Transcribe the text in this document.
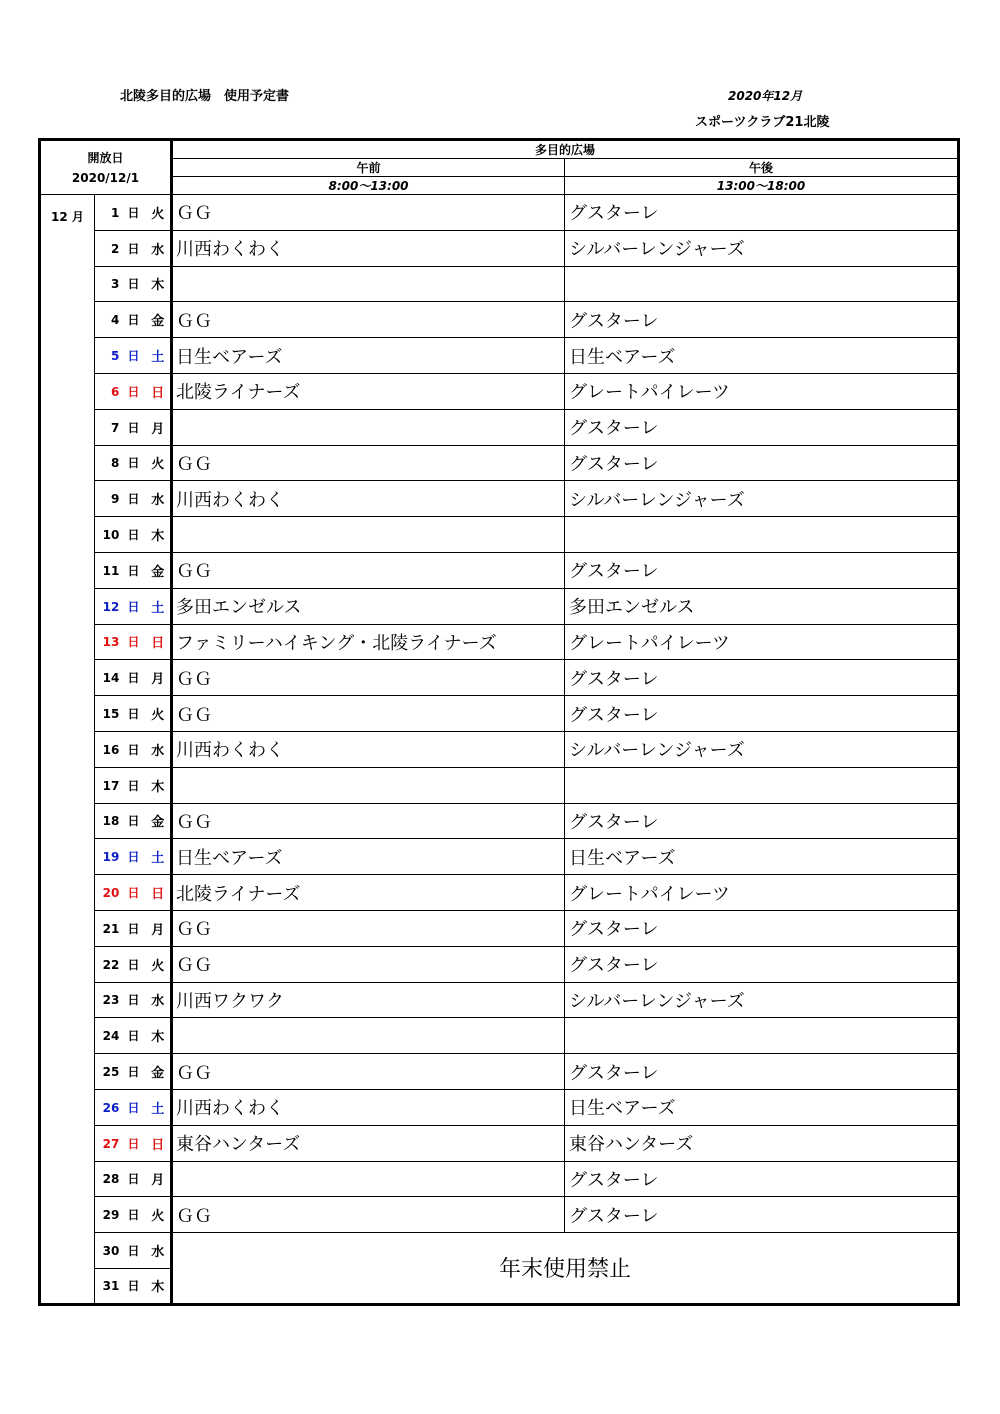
北陵多目的広場　使用予定書	2020年12月
スポーツクラブ21北陵
開放日
2020/12/1			多目的広場	
			午前	午後
			8:00～13:00	13:00～18:00
12 月	1 日	火	ＧＧ	グスターレ
	2 日	水	川西わくわく	シルバーレンジャーズ
	3 日	木		
	4 日	金	ＧＧ	グスターレ
	5 日	土	日生ベアーズ	日生ベアーズ
	6 日	日	北陵ライナーズ	グレートパイレーツ
	7 日	月		グスターレ
	8 日	火	ＧＧ	グスターレ
	9 日	水	川西わくわく	シルバーレンジャーズ
	10 日	木		
	11 日	金	ＧＧ	グスターレ
	12 日	土	多田エンゼルス	多田エンゼルス
	13 日	日	ファミリーハイキング・北陵ライナーズ	グレートパイレーツ
	14 日	月	ＧＧ	グスターレ
	15 日	火	ＧＧ	グスターレ
	16 日	水	川西わくわく	シルバーレンジャーズ
	17 日	木		
	18 日	金	ＧＧ	グスターレ
	19 日	土	日生ベアーズ	日生ベアーズ
	20 日	日	北陵ライナーズ	グレートパイレーツ
	21 日	月	ＧＧ	グスターレ
	22 日	火	ＧＧ	グスターレ
	23 日	水	川西ワクワク	シルバーレンジャーズ
	24 日	木		
	25 日	金	ＧＧ	グスターレ
	26 日	土	川西わくわく	日生ベアーズ
	27 日	日	東谷ハンターズ	東谷ハンターズ
	28 日	月		グスターレ
	29 日	火	ＧＧ	グスターレ
	30 日	水	年末使用禁止	
	31 日	木		
